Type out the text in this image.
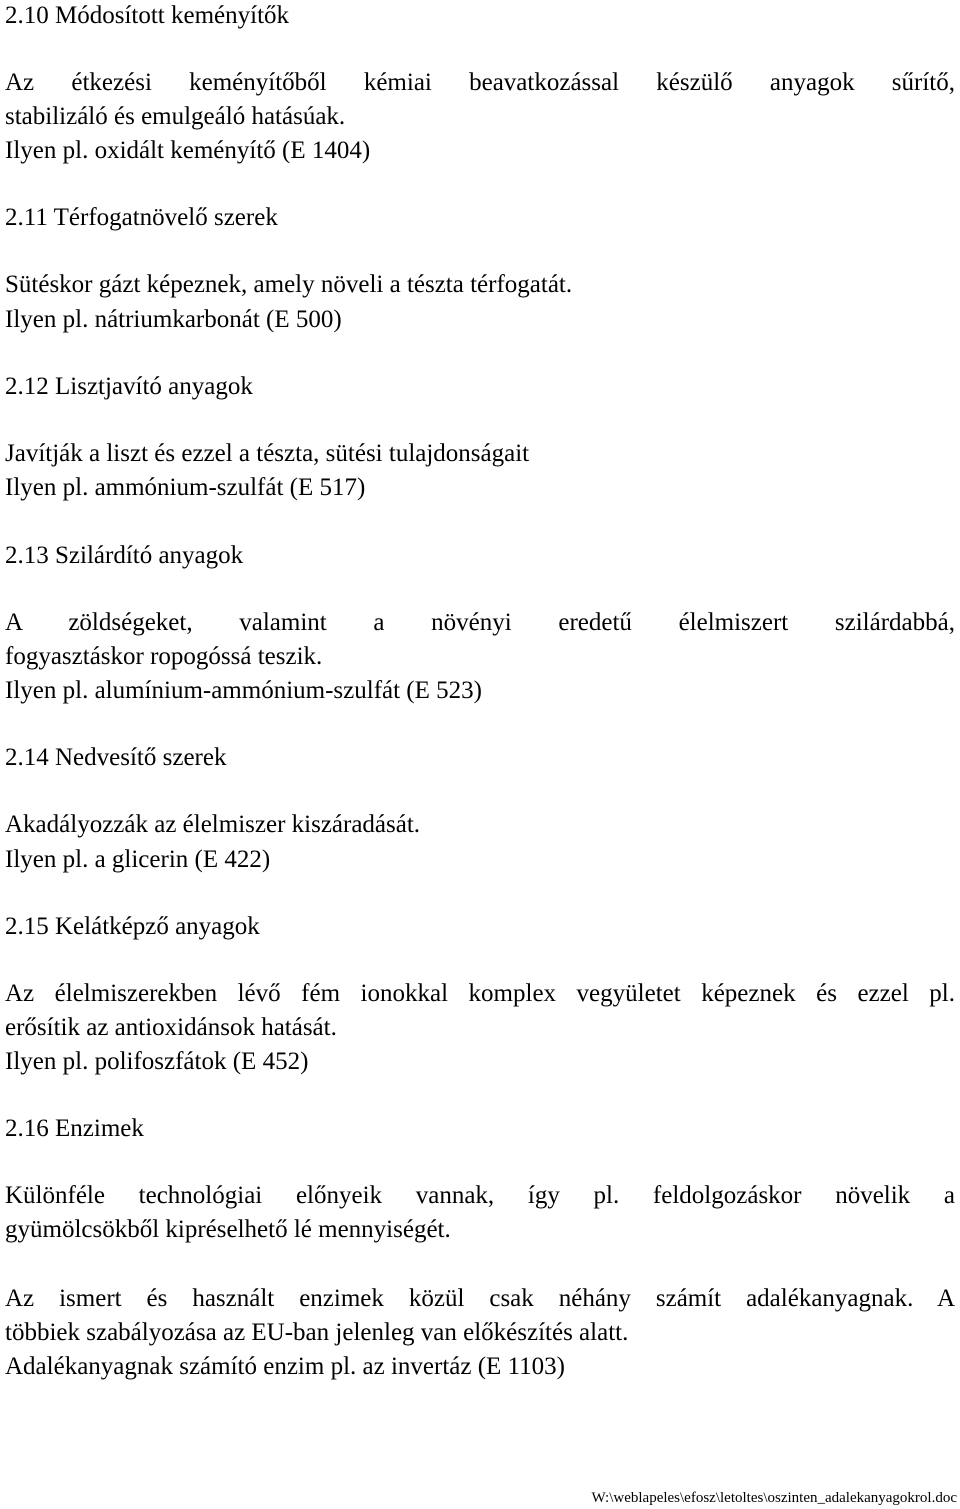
2.10 Módosított keményítők
Az étkezési keményítőből kémiai beavatkozással készülő anyagok sűrítő,
stabilizáló és emulgeáló hatásúak.
Ilyen pl. oxidált keményítő (E 1404)
2.11 Térfogatnövelő szerek
Sütéskor gázt képeznek, amely növeli a tészta térfogatát.
Ilyen pl. nátriumkarbonát (E 500)
2.12 Lisztjavító anyagok
Javítják a liszt és ezzel a tészta, sütési tulajdonságait
Ilyen pl. ammónium-szulfát (E 517)
2.13 Szilárdító anyagok
A zöldségeket, valamint a növényi eredetű élelmiszert szilárdabbá,
fogyasztáskor ropogóssá teszik.
Ilyen pl. alumínium-ammónium-szulfát (E 523)
2.14 Nedvesítő szerek
Akadályozzák az élelmiszer kiszáradását.
Ilyen pl. a glicerin (E 422)
2.15 Kelátképző anyagok
Az élelmiszerekben lévő fém ionokkal komplex vegyületet képeznek és ezzel pl.
erősítik az antioxidánsok hatását.
Ilyen pl. polifoszfátok (E 452)
2.16 Enzimek
Különféle technológiai előnyeik vannak, így pl. feldolgozáskor növelik a
gyümölcsökből kipréselhető lé mennyiségét.
Az ismert és használt enzimek közül csak néhány számít adalékanyagnak. A
többiek szabályozása az EU-ban jelenleg van előkészítés alatt.
Adalékanyagnak számító enzim pl. az invertáz (E 1103)
W:\weblapeles\efosz\letoltes\oszinten_adalekanyagokrol.doc
